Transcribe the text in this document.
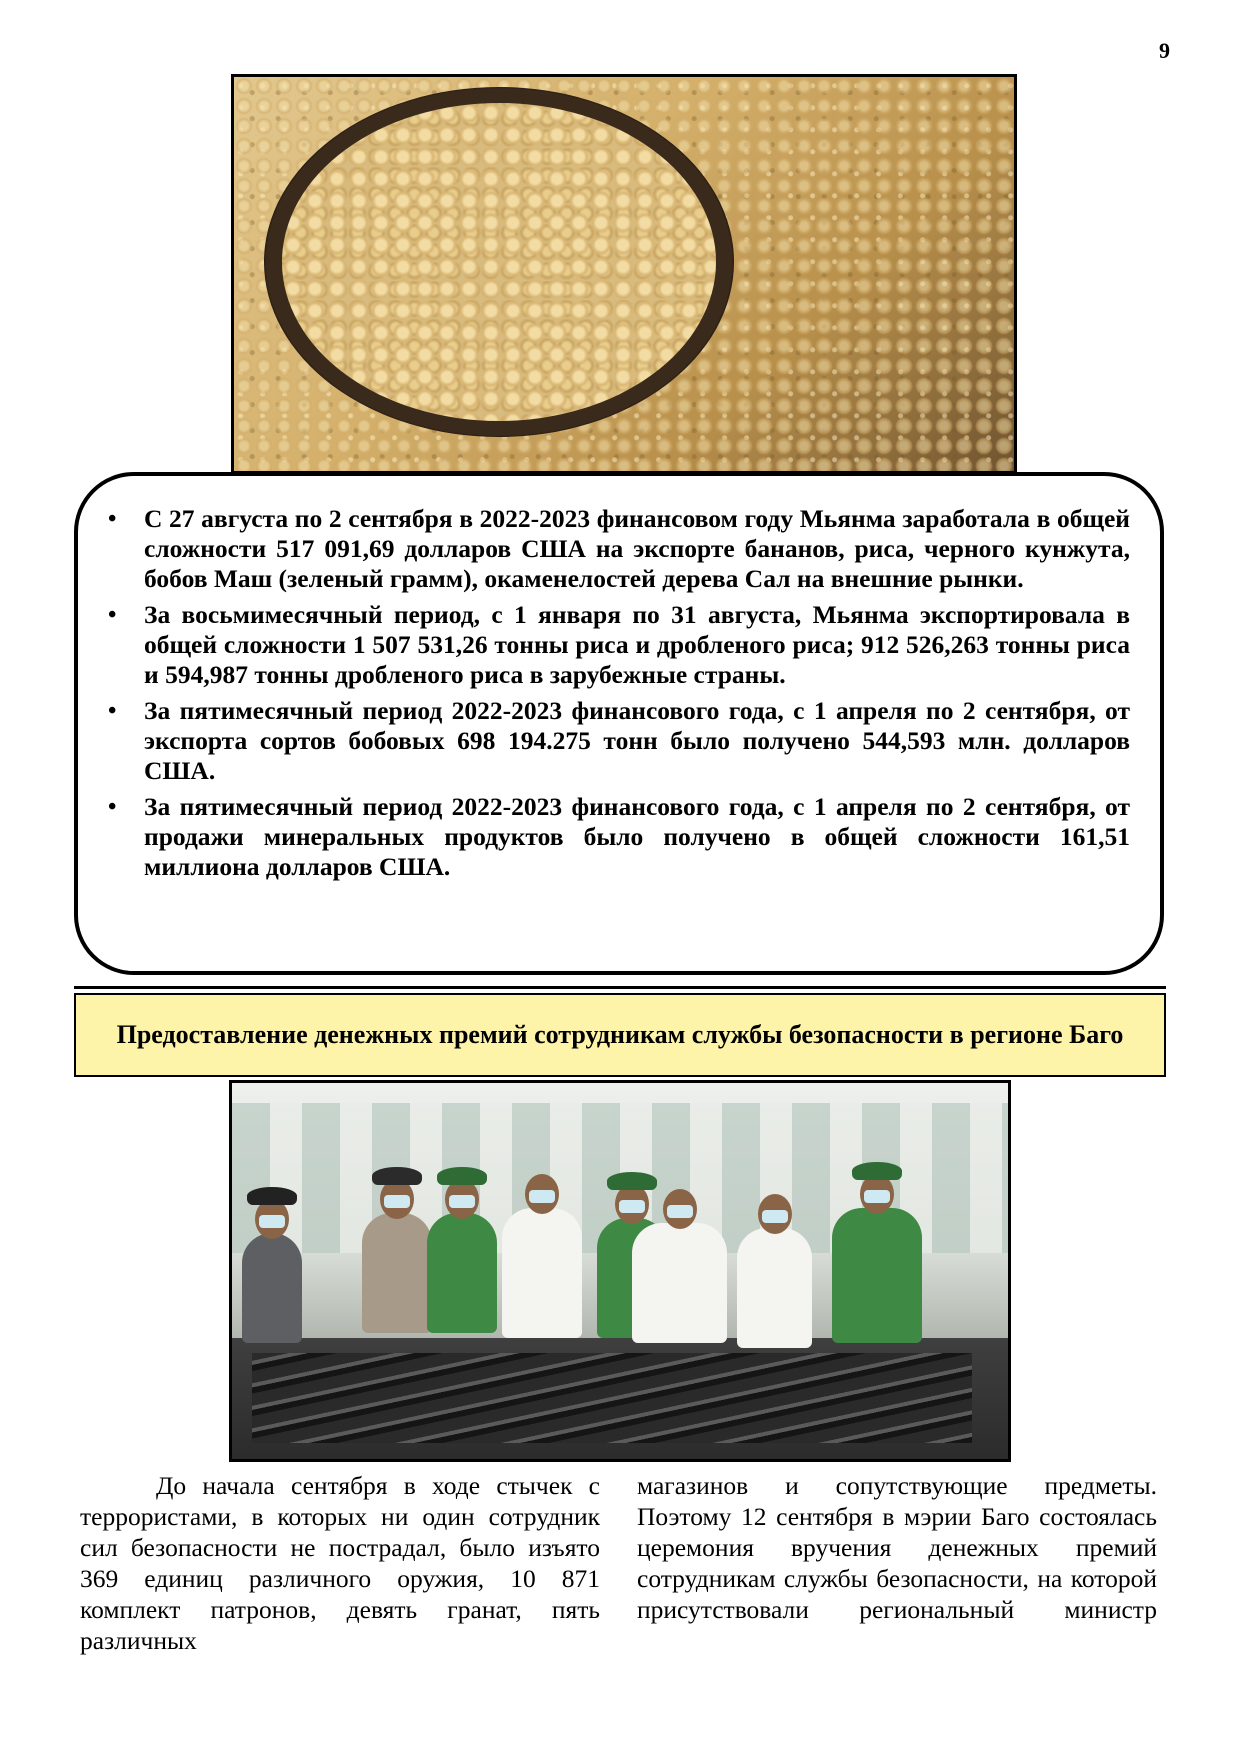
9
• С 27 августа по 2 сентября в 2022-2023 финансовом году Мьянма заработала в общей сложности 517 091,69 долларов США на экспорте бананов, риса, черного кунжута, бобов Маш (зеленый грамм), окаменелостей дерева Сал на внешние рынки.
• За восьмимесячный период, с 1 января по 31 августа, Мьянма экспортировала в общей сложности 1 507 531,26 тонны риса и дробленого риса; 912 526,263 тонны риса и 594,987 тонны дробленого риса в зарубежные страны.
• За пятимесячный период 2022-2023 финансового года, с 1 апреля по 2 сентября, от экспорта сортов бобовых 698 194.275 тонн было получено 544,593 млн. долларов США.
• За пятимесячный период 2022-2023 финансового года, с 1 апреля по 2 сентября, от продажи минеральных продуктов было получено в общей сложности 161,51 миллиона долларов США.
Предоставление денежных премий сотрудникам службы безопасности в регионе Баго
До начала сентября в ходе стычек с террористами, в которых ни один сотрудник сил безопасности не пострадал, было изъято 369 единиц различного оружия, 10 871 комплект патронов, девять гранат, пять различных
магазинов и сопутствующие предметы. Поэтому 12 сентября в мэрии Баго состоялась церемония вручения денежных премий сотрудникам службы безопасности, на которой присутствовали региональный министр
